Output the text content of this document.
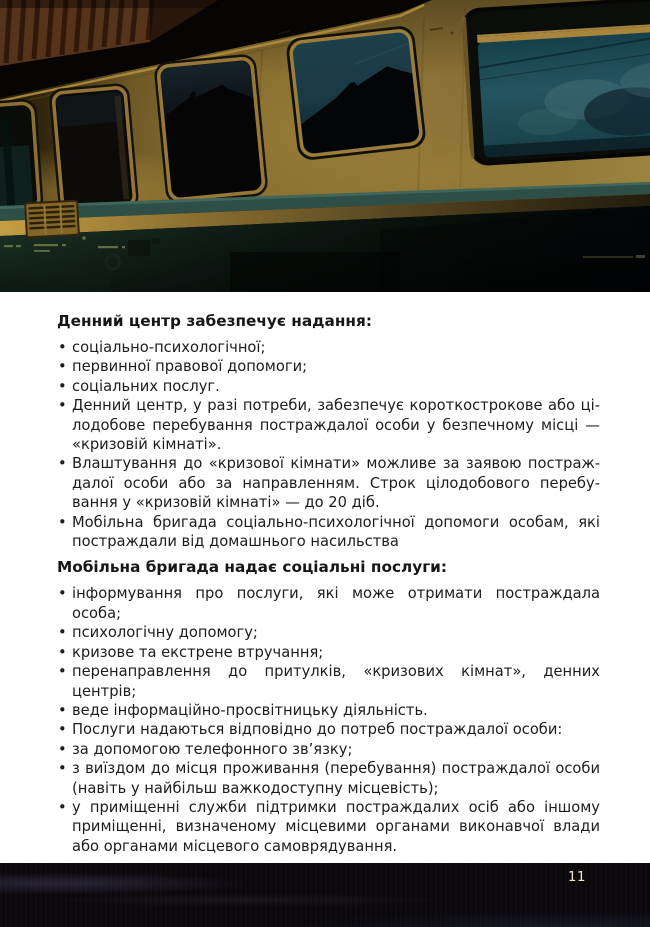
Денний центр забезпечує надання:
• соціально-психологічної;
• первинної правової допомоги;
• соціальних послуг.
• Денний центр, у разі потреби, забезпечує короткострокове або цілодобове перебування постраждалої особи у безпечному місці — «кризовій кімнаті».
• Влаштування до «кризової кімнати» можливе за заявою постраждалої особи або за направленням. Строк цілодобового перебування у «кризовій кімнаті» — до 20 діб.
• Мобільна бригада соціально-психологічної допомоги особам, які постраждали від домашнього насильства
Мобільна бригада надає соціальні послуги:
• інформування про послуги, які може отримати постраждала особа;
• психологічну допомогу;
• кризове та екстрене втручання;
• перенаправлення до притулків, «кризових кімнат», денних центрів;
• веде інформаційно-просвітницьку діяльність.
• Послуги надаються відповідно до потреб постраждалої особи:
• за допомогою телефонного зв’язку;
• з виїздом до місця проживання (перебування) постраждалої особи (навіть у найбільш важкодоступну місцевість);
• у приміщенні служби підтримки постраждалих осіб або іншому приміщенні, визначеному місцевими органами виконавчої влади або органами місцевого самоврядування.
11
